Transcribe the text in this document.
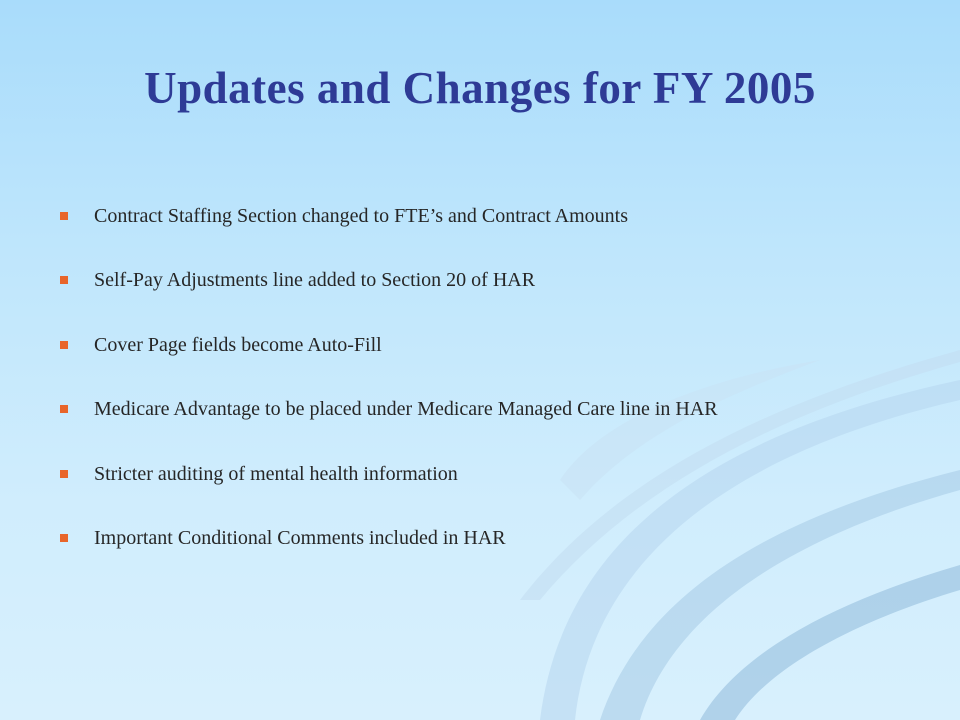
Updates and Changes for FY 2005
Contract Staffing Section changed to FTE’s and Contract Amounts
Self-Pay Adjustments line added to Section 20 of HAR
Cover Page fields become Auto-Fill
Medicare Advantage to be placed under Medicare Managed Care line in HAR
Stricter auditing of mental health information
Important Conditional Comments included in HAR
